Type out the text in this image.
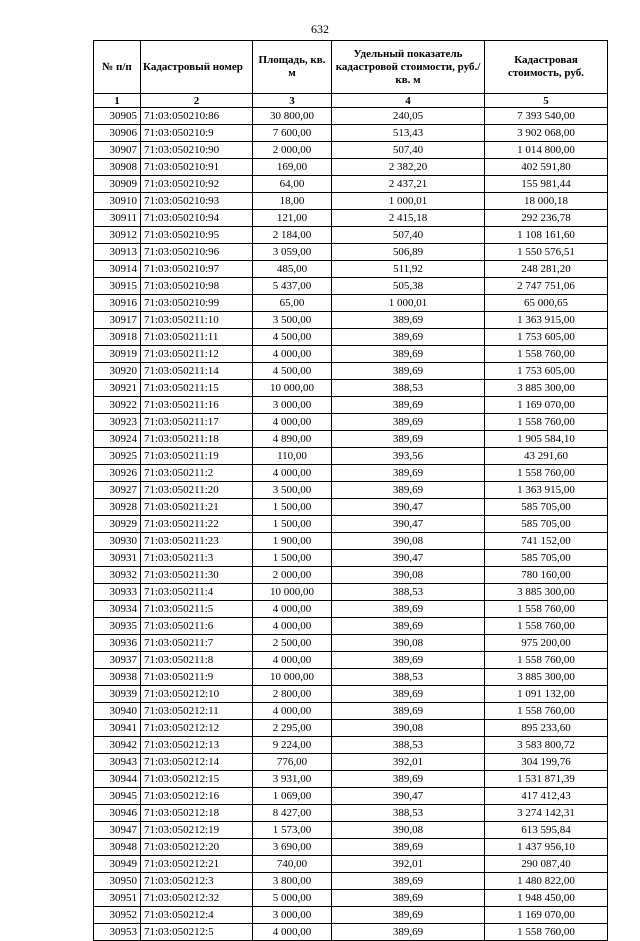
632
№ п/п	Кадастровый номер	Площадь, кв. м	Удельный показатель кадастровой стоимости, руб./кв. м	Кадастровая стоимость, руб.
1	2	3	4	5
30905	71:03:050210:86	30 800,00	240,05	7 393 540,00
30906	71:03:050210:9	7 600,00	513,43	3 902 068,00
30907	71:03:050210:90	2 000,00	507,40	1 014 800,00
30908	71:03:050210:91	169,00	2 382,20	402 591,80
30909	71:03:050210:92	64,00	2 437,21	155 981,44
30910	71:03:050210:93	18,00	1 000,01	18 000,18
30911	71:03:050210:94	121,00	2 415,18	292 236,78
30912	71:03:050210:95	2 184,00	507,40	1 108 161,60
30913	71:03:050210:96	3 059,00	506,89	1 550 576,51
30914	71:03:050210:97	485,00	511,92	248 281,20
30915	71:03:050210:98	5 437,00	505,38	2 747 751,06
30916	71:03:050210:99	65,00	1 000,01	65 000,65
30917	71:03:050211:10	3 500,00	389,69	1 363 915,00
30918	71:03:050211:11	4 500,00	389,69	1 753 605,00
30919	71:03:050211:12	4 000,00	389,69	1 558 760,00
30920	71:03:050211:14	4 500,00	389,69	1 753 605,00
30921	71:03:050211:15	10 000,00	388,53	3 885 300,00
30922	71:03:050211:16	3 000,00	389,69	1 169 070,00
30923	71:03:050211:17	4 000,00	389,69	1 558 760,00
30924	71:03:050211:18	4 890,00	389,69	1 905 584,10
30925	71:03:050211:19	110,00	393,56	43 291,60
30926	71:03:050211:2	4 000,00	389,69	1 558 760,00
30927	71:03:050211:20	3 500,00	389,69	1 363 915,00
30928	71:03:050211:21	1 500,00	390,47	585 705,00
30929	71:03:050211:22	1 500,00	390,47	585 705,00
30930	71:03:050211:23	1 900,00	390,08	741 152,00
30931	71:03:050211:3	1 500,00	390,47	585 705,00
30932	71:03:050211:30	2 000,00	390,08	780 160,00
30933	71:03:050211:4	10 000,00	388,53	3 885 300,00
30934	71:03:050211:5	4 000,00	389,69	1 558 760,00
30935	71:03:050211:6	4 000,00	389,69	1 558 760,00
30936	71:03:050211:7	2 500,00	390,08	975 200,00
30937	71:03:050211:8	4 000,00	389,69	1 558 760,00
30938	71:03:050211:9	10 000,00	388,53	3 885 300,00
30939	71:03:050212:10	2 800,00	389,69	1 091 132,00
30940	71:03:050212:11	4 000,00	389,69	1 558 760,00
30941	71:03:050212:12	2 295,00	390,08	895 233,60
30942	71:03:050212:13	9 224,00	388,53	3 583 800,72
30943	71:03:050212:14	776,00	392,01	304 199,76
30944	71:03:050212:15	3 931,00	389,69	1 531 871,39
30945	71:03:050212:16	1 069,00	390,47	417 412,43
30946	71:03:050212:18	8 427,00	388,53	3 274 142,31
30947	71:03:050212:19	1 573,00	390,08	613 595,84
30948	71:03:050212:20	3 690,00	389,69	1 437 956,10
30949	71:03:050212:21	740,00	392,01	290 087,40
30950	71:03:050212:3	3 800,00	389,69	1 480 822,00
30951	71:03:050212:32	5 000,00	389,69	1 948 450,00
30952	71:03:050212:4	3 000,00	389,69	1 169 070,00
30953	71:03:050212:5	4 000,00	389,69	1 558 760,00
